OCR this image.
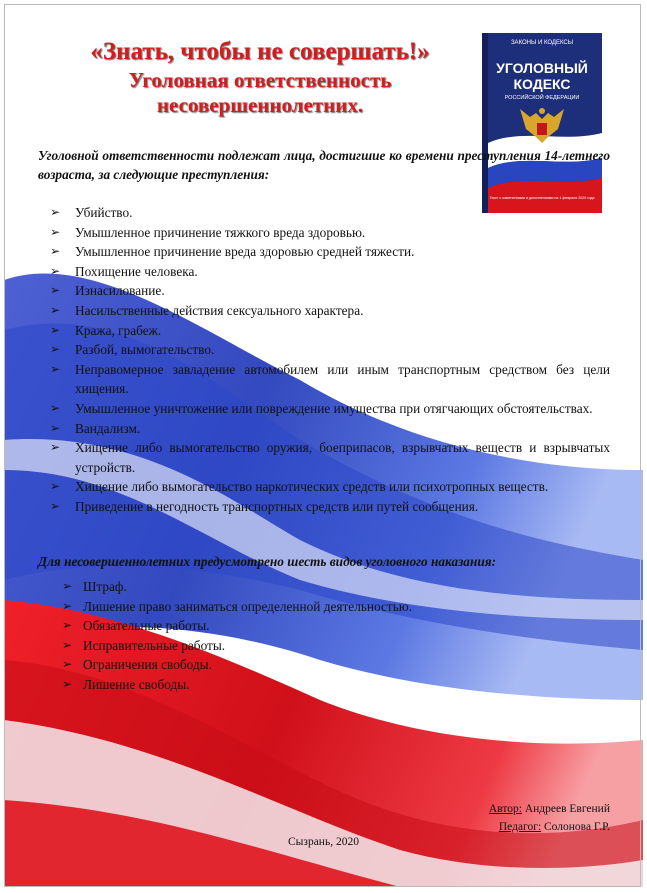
«Знать, чтобы не совершать!»
Уголовная ответственность
несовершеннолетних.
ЗАКОНЫ И КОДЕКСЫ
УГОЛОВНЫЙ
КОДЕКС
РОССИЙСКОЙ ФЕДЕРАЦИИ
Текст с изменениями и дополнениями на 1 февраля 2020 года

Уголовной ответственности подлежат лица, достигшие ко времени преступления 14-летнего возраста, за следующие преступления:

➢ Убийство.
➢ Умышленное причинение тяжкого вреда здоровью.
➢ Умышленное причинение вреда здоровью средней тяжести.
➢ Похищение человека.
➢ Изнасилование.
➢ Насильственные действия сексуального характера.
➢ Кража, грабеж.
➢ Разбой, вымогательство.
➢ Неправомерное завладение автомобилем или иным транспортным средством без цели хищения.
➢ Умышленное уничтожение или повреждение имущества при отягчающих обстоятельствах.
➢ Вандализм.
➢ Хищение либо вымогательство оружия, боеприпасов, взрывчатых веществ и взрывчатых устройств.
➢ Хищение либо вымогательство наркотических средств или психотропных веществ.
➢ Приведение в негодность транспортных средств или путей сообщения.

Для несовершеннолетних предусмотрено шесть видов уголовного наказания:

➢ Штраф.
➢ Лишение право заниматься определенной деятельностью.
➢ Обязательные работы.
➢ Исправительные работы.
➢ Ограничения свободы.
➢ Лишение свободы.
Автор: Андреев Евгений
Педагог: Солонова Г.Р.
Сызрань, 2020
